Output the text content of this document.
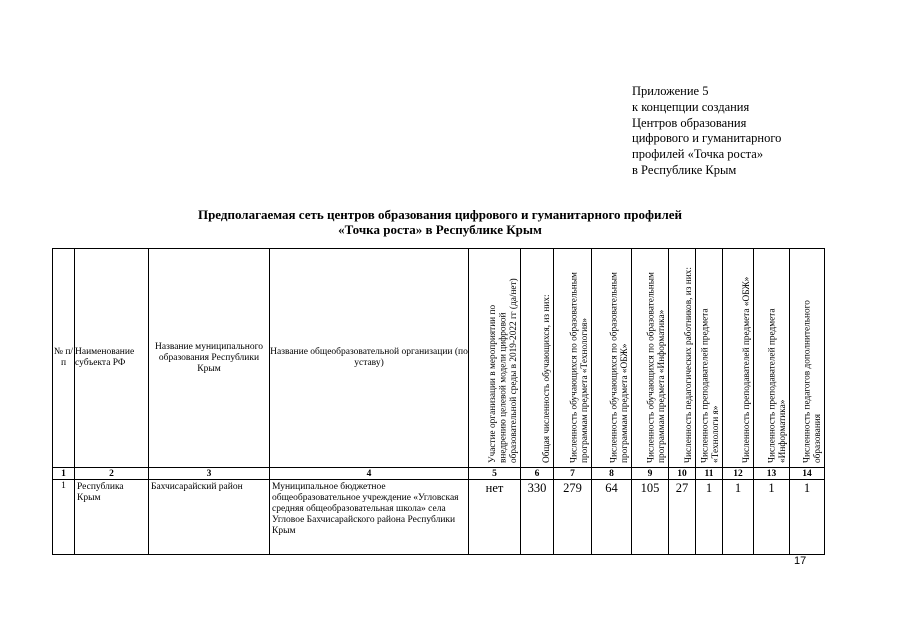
Приложение 5
к концепции создания
Центров образования
цифрового и гуманитарного
профилей «Точка роста»
в Республике Крым
Предполагаемая сеть центров образования цифрового и гуманитарного профилей
«Точка роста» в Республике Крым
№ п/ п	Наименование субъекта РФ	Название муниципального образования Республики Крым	Название общеобразовательной организации (по уставу)	Участие организации в мероприятии по внедрению целевой модели цифровой образовательной среды в 2019-2022 гг (да/нет)	Общая численность обучающихся, из них:	Численность обучающихся по образовательным программам предмета «Технология»	Численность обучающихся по образовательным программам предмета «ОБЖ»	Численность обучающихся по образовательным программам предмета «Информатика»	Численность педагогических работников, из них:	Численность преподавателей предмета «Технологи я»	Численность преподавателей предмета «ОБЖ»	Численность преподавателей предмета «Информатика»	Численность педагогов дополнительного образования
1	2	3	4	5	6	7	8	9	10	11	12	13	14
1	Республика Крым	Бахчисарайский район	Муниципальное бюджетное общеобразовательное учреждение «Угловская средняя общеобразовательная школа» села Угловое Бахчисарайского района Республики Крым	нет	330	279	64	105	27	1	1	1	1
17
